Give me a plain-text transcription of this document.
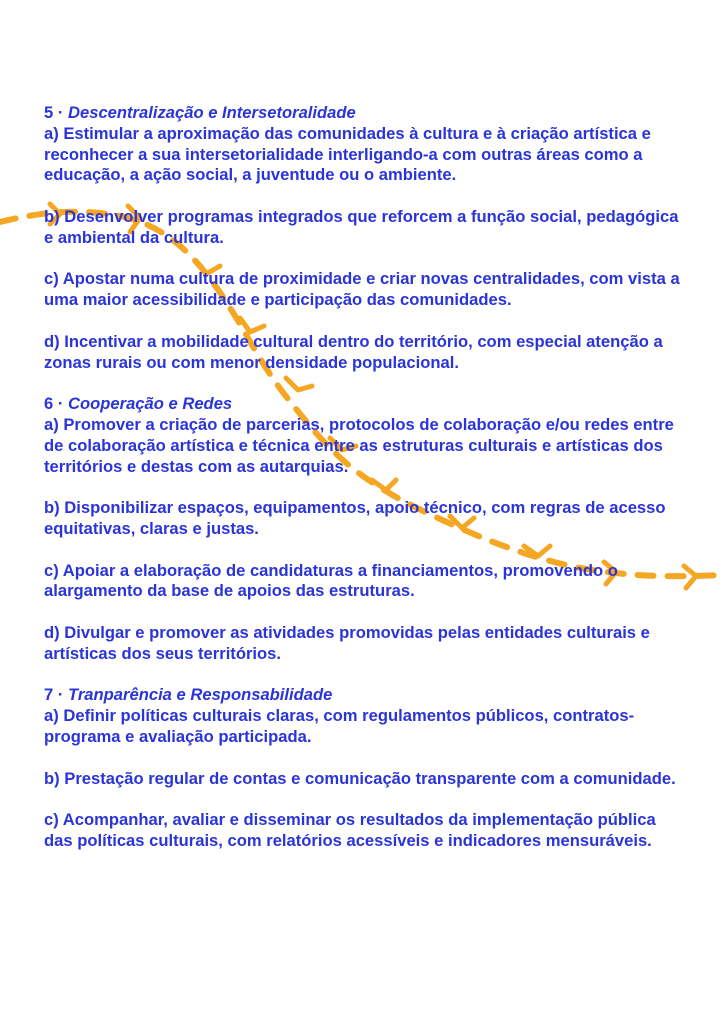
5 · Descentralização e Intersetoralidade

a) Estimular a aproximação das comunidades à cultura e à criação artística e reconhecer a sua intersetorialidade interligando-a com outras áreas como a educação, a ação social, a juventude ou o ambiente.

b) Desenvolver programas integrados que reforcem a função social, pedagógica e ambiental da cultura.

c) Apostar numa cultura de proximidade e criar novas centralidades, com vista a uma maior acessibilidade e participação das comunidades.

d) Incentivar a mobilidade cultural dentro do território, com especial atenção a zonas rurais ou com menor densidade populacional.

6 · Cooperação e Redes

a) Promover a criação de parcerias, protocolos de colaboração e/ou redes entre de colaboração artística e técnica entre as estruturas culturais e artísticas dos territórios e destas com as autarquias.

b) Disponibilizar espaços, equipamentos, apoio técnico, com regras de acesso equitativas, claras e justas.

c) Apoiar a elaboração de candidaturas a financiamentos, promovendo o alargamento da base de apoios das estruturas.

d) Divulgar e promover as atividades promovidas pelas entidades culturais e artísticas dos seus territórios.

7 · Tranparência e Responsabilidade

a) Definir políticas culturais claras, com regulamentos públicos, contratos-programa e avaliação participada.

b) Prestação regular de contas e comunicação transparente com a comunidade.

c) Acompanhar, avaliar e disseminar os resultados da implementação pública das políticas culturais, com relatórios acessíveis e indicadores mensuráveis.
